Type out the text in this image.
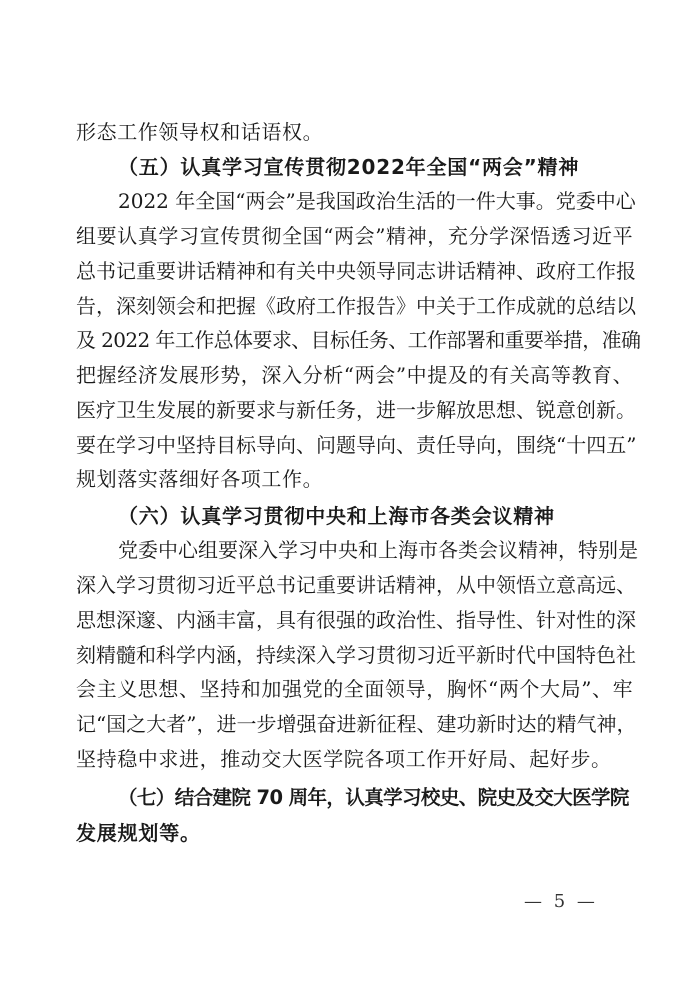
形态工作领导权和话语权。
（五）认真学习宣传贯彻2022年全国“两会”精神
2022 年全国“两会”是我国政治生活的一件大事。党委中心
组要认真学习宣传贯彻全国“两会”精神，充分学深悟透习近平
总书记重要讲话精神和有关中央领导同志讲话精神、政府工作报
告，深刻领会和把握《政府工作报告》中关于工作成就的总结以
及 2022 年工作总体要求、目标任务、工作部署和重要举措，准确
把握经济发展形势，深入分析“两会”中提及的有关高等教育、
医疗卫生发展的新要求与新任务，进一步解放思想、锐意创新。
要在学习中坚持目标导向、问题导向、责任导向，围绕“十四五”
规划落实落细好各项工作。
（六）认真学习贯彻中央和上海市各类会议精神
党委中心组要深入学习中央和上海市各类会议精神，特别是
深入学习贯彻习近平总书记重要讲话精神，从中领悟立意高远、
思想深邃、内涵丰富，具有很强的政治性、指导性、针对性的深
刻精髓和科学内涵，持续深入学习贯彻习近平新时代中国特色社
会主义思想、坚持和加强党的全面领导，胸怀“两个大局”、牢
记“国之大者”，进一步增强奋进新征程、建功新时达的精气神，
坚持稳中求进，推动交大医学院各项工作开好局、起好步。
（七）结合建院 70 周年，认真学习校史、院史及交大医学院
发展规划等。
— 5 —
